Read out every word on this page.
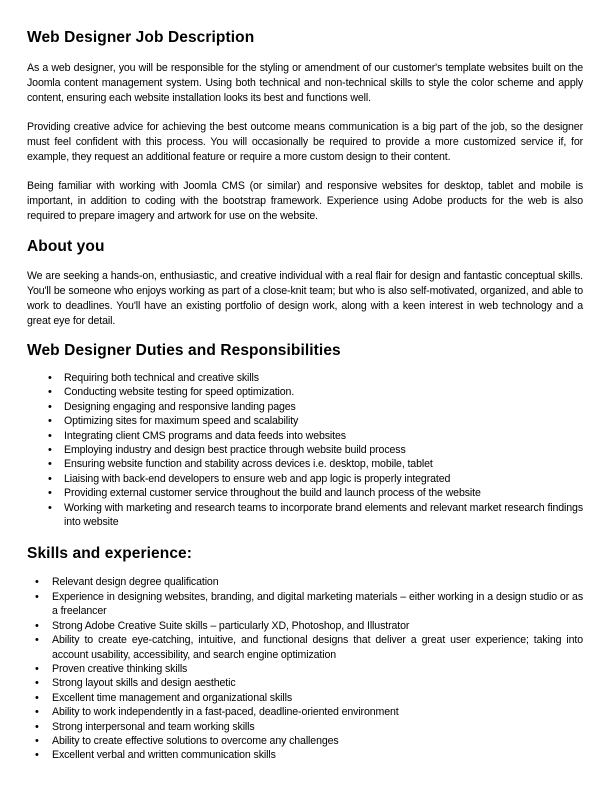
Web Designer Job Description

As a web designer, you will be responsible for the styling or amendment of our customer's template websites built on the Joomla content management system. Using both technical and non-technical skills to style the color scheme and apply content, ensuring each website installation looks its best and functions well.

Providing creative advice for achieving the best outcome means communication is a big part of the job, so the designer must feel confident with this process. You will occasionally be required to provide a more customized service if, for example, they request an additional feature or require a more custom design to their content.

Being familiar with working with Joomla CMS (or similar) and responsive websites for desktop, tablet and mobile is important, in addition to coding with the bootstrap framework. Experience using Adobe products for the web is also required to prepare imagery and artwork for use on the website.

About you

We are seeking a hands-on, enthusiastic, and creative individual with a real flair for design and fantastic conceptual skills. You'll be someone who enjoys working as part of a close-knit team; but who is also self-motivated, organized, and able to work to deadlines. You'll have an existing portfolio of design work, along with a keen interest in web technology and a great eye for detail.

Web Designer Duties and Responsibilities
• Requiring both technical and creative skills
• Conducting website testing for speed optimization.
• Designing engaging and responsive landing pages
• Optimizing sites for maximum speed and scalability
• Integrating client CMS programs and data feeds into websites
• Employing industry and design best practice through website build process
• Ensuring website function and stability across devices i.e. desktop, mobile, tablet
• Liaising with back-end developers to ensure web and app logic is properly integrated
• Providing external customer service throughout the build and launch process of the website
• Working with marketing and research teams to incorporate brand elements and relevant market research findings into website
Skills and experience:
• Relevant design degree qualification
• Experience in designing websites, branding, and digital marketing materials – either working in a design studio or as a freelancer
• Strong Adobe Creative Suite skills – particularly XD, Photoshop, and Illustrator
• Ability to create eye-catching, intuitive, and functional designs that deliver a great user experience; taking into account usability, accessibility, and search engine optimization
• Proven creative thinking skills
• Strong layout skills and design aesthetic
• Excellent time management and organizational skills
• Ability to work independently in a fast-paced, deadline-oriented environment
• Strong interpersonal and team working skills
• Ability to create effective solutions to overcome any challenges
• Excellent verbal and written communication skills
